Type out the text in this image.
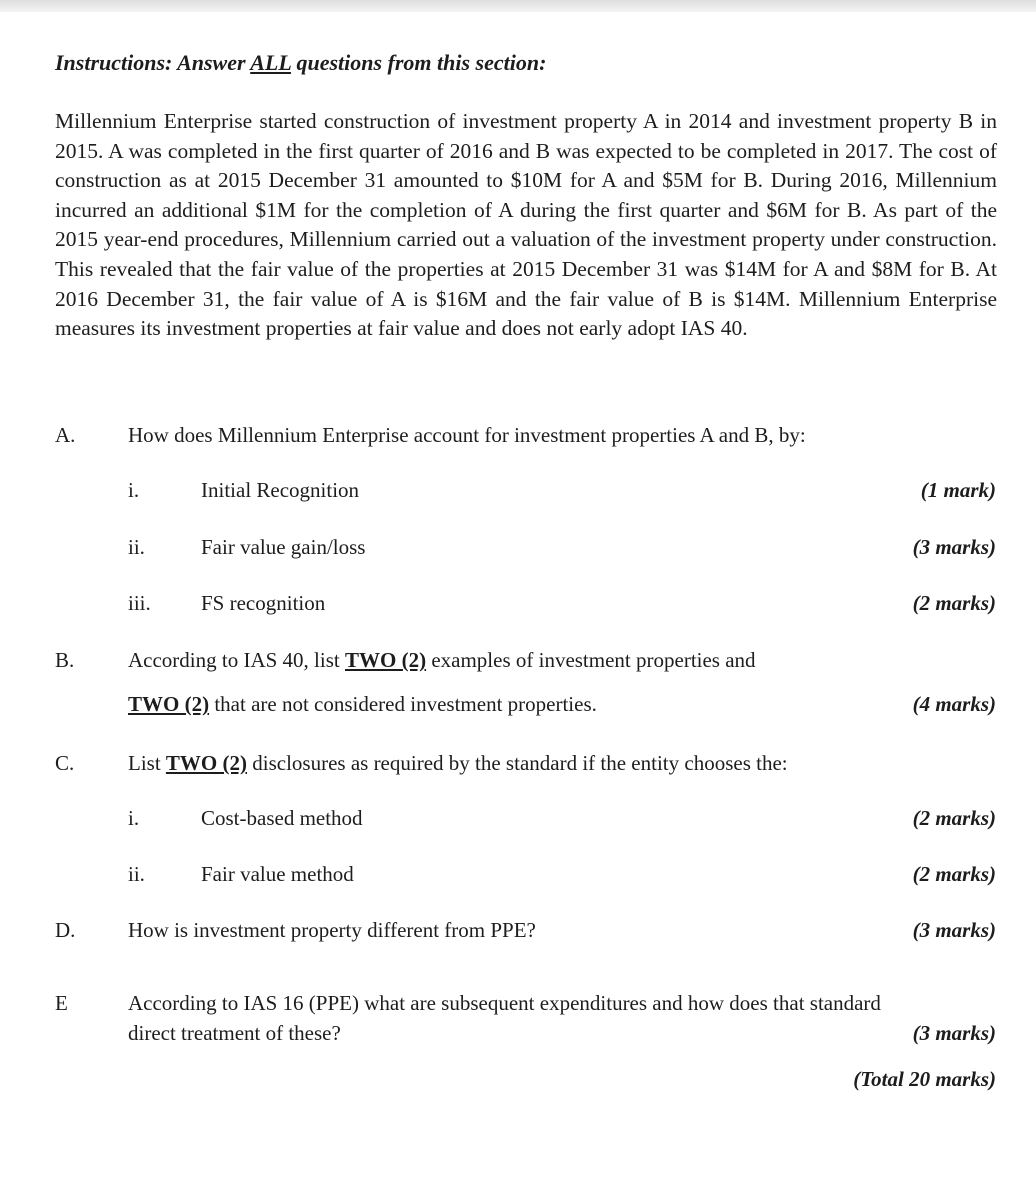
Instructions: Answer ALL questions from this section:
Millennium Enterprise started construction of investment property A in 2014 and investment property B in 2015. A was completed in the first quarter of 2016 and B was expected to be completed in 2017. The cost of construction as at 2015 December 31 amounted to $10M for A and $5M for B. During 2016, Millennium incurred an additional $1M for the completion of A during the first quarter and $6M for B. As part of the 2015 year-end procedures, Millennium carried out a valuation of the investment property under construction. This revealed that the fair value of the properties at 2015 December 31 was $14M for A and $8M for B. At 2016 December 31, the fair value of A is $16M and the fair value of B is $14M. Millennium Enterprise measures its investment properties at fair value and does not early adopt IAS 40.
A.	How does Millennium Enterprise account for investment properties A and B, by:
i.	Initial Recognition	(1 mark)
ii.	Fair value gain/loss	(3 marks)
iii. FS recognition	(2 marks)
B.	According to IAS 40, list TWO (2) examples of investment properties and
TWO (2) that are not considered investment properties.	(4 marks)
C.	List TWO (2) disclosures as required by the standard if the entity chooses the:
i.	Cost-based method	(2 marks)
ii.	Fair value method	(2 marks)
D.	How is investment property different from PPE?	(3 marks)
E	According to IAS 16 (PPE) what are subsequent expenditures and how does that standard
direct treatment of these?	(3 marks)
(Total 20 marks)
